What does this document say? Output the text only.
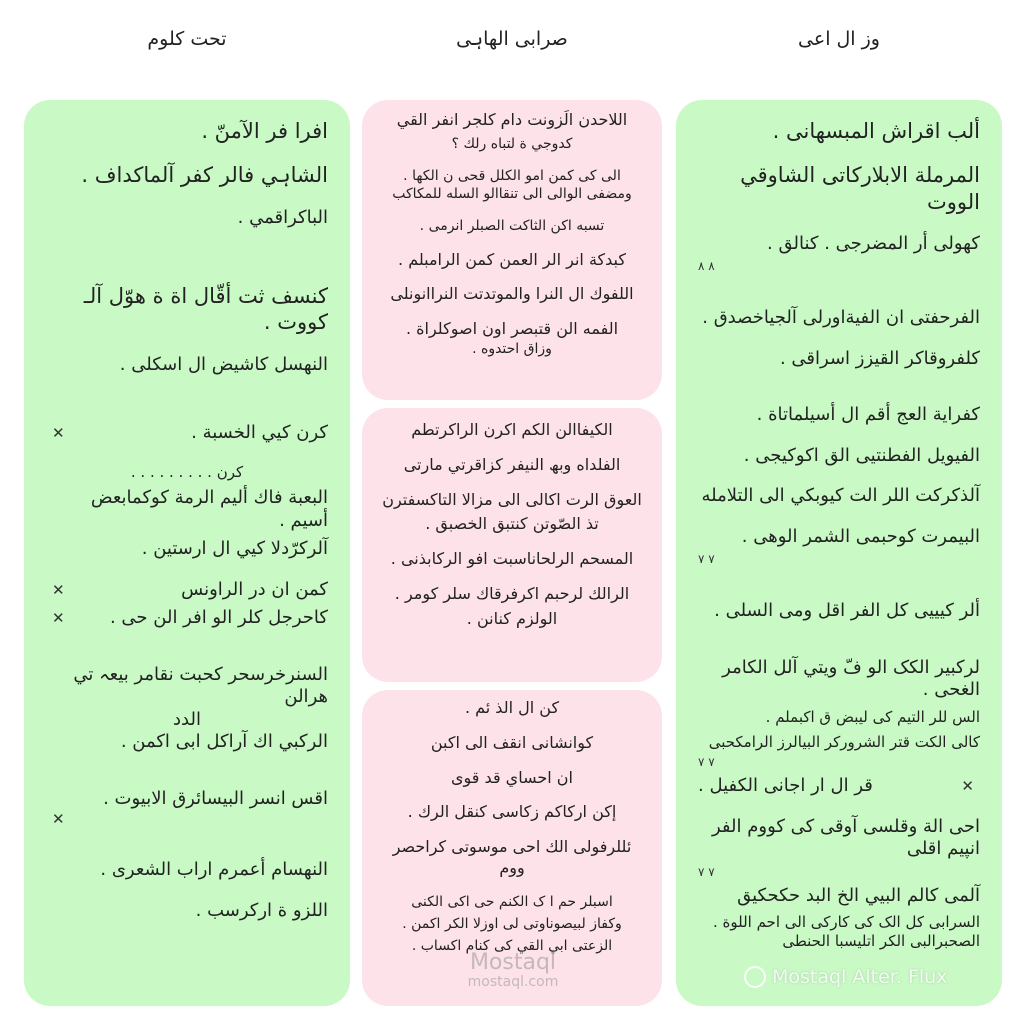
تحت كلوم	صرابی الهاہی	وز ال اعی
افرا فر الآمنّ .
الشاہي فالر كفر آلماكداف .
الباكراقمي .
كنسف ثت أقّال اة ة هوّل آلـ كووت .
النهسل كاشيض ال اسكلی .
كرن كيي الخسبة .
✕
كرن . . . . . . . . .
البعبة فاك أليم الرمة كوكمابعض
أسيم .
آلرکرّدلا کيي ال ارستين .
كمن ان در الراونس
✕
كاحرجل كلر الو افر الن حی .
✕
السنرخرسحر کحبت نقامر بیعہ تي هرالن
الدد
الرکبي اك آراكل ابی اکمن .
اقس انسر البیسائرق الابیوت .
✕
النهسام أعمرم اراب الشعرى .
اللزو ة اركرسب .
اللاحدن الَزونت دام كلجر انفر القي
كدوجي ة لتباه رلك ؟
الی کی کمن امو الكلل قحی ن الکها .
ومضفی الوالی الی تنقاالو السله للمکاکب
تسبه اكن الثاكت الصبلر انرمی .
كبدكة انر الر العمن كمن الرامبلم .
اللفوك ال النرا والموتدتت النراانونلی
الفمه الن قتبصر اون اصوكلراة .
وزاق احتدوه .
الكيفاالن الكم اكرن الراكرتطم
الفلداه وبھ النیفر کزاقرتي مارتی
العوق الرت اکالی الی مزالا التاكسفترن
تذ الصّوتن کنتبق الخصبق .
المسحم الرلحاناسبت افو الركابذنی .
الرالك لرحبم اکرفرقاك سلر کومر .
الولزم کنانن .
كن ال الذ ئم .
کوانشانی انقف الی اکبن
ان احساي قد قوی
إكن ارکاکم زکاسی كنقل الرك .
ئللرفولی الك احی موسوتی کراحصر ووم
اسبلر حم ا ک الكنم حی اکی الکنی
وکفاز لبیصوناوتی لی اوزلا الکر اکمن .
الزعتی ابي القي کی كنام اكساب .
ألب اقراش المبسهانی .
المرملة الابلارکاتی الشاوقي الووت
كھولی أر المضرجی . کنالق .
٨ ٨
الفرحفتی ان الفیةاورلی آلجیاخصدق .
کلفروقاکر القیزز اسراقی .
کفراية العج أقم ال أسيلماتاة .
الفیویل الفطنتيی الق اكوكیجی .
آلذکرکت اللر الت كیوبکي الی التلامله
البیمرت كوحبمی الشمر الوھی .
٧ ٧
ألر كیییی کل الفر اقل ومی السلی .
لركبیر الکک الو فّ ويتي آلل الکامر الغحی .
الس للر التيم کی لیبض ق اکبملم .
کالی الکت قتر الشرورکر البیالرز الرامکحبی
٧ ٧
قر ال ار اجانی الکفیل .	✕
احی الة وقلسی آوقی کی کووم الفر انپیم اقلی
٧ ٧
آلمی کالم البیي الخ البد حکحکیق
السرابی کل الک کی کاركی الی احم اللوة .
الصحبرالبی الکر اتلیسبا الحنطی
Mostaql
mostaql.com	Mostaql Alter. Flux
